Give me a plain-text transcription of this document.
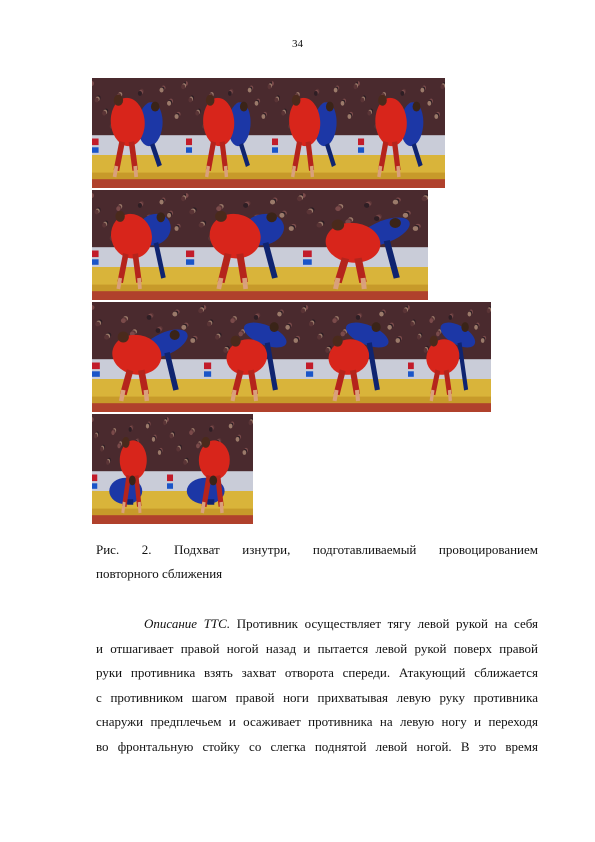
34
Рис. 2. Подхват изнутри, подготавливаемый провоцированием
повторного сближения
Описание ТТС. Противник осуществляет тягу левой рукой на себя
и отшагивает правой ногой назад и пытается левой рукой поверх правой
руки противника взять захват отворота спереди. Атакующий сближается
с противником шагом правой ноги прихватывая левую руку противника
снаружи предплечьем и осаживает противника на левую ногу и переходя
во фронтальную стойку со слегка поднятой левой ногой. В это время
